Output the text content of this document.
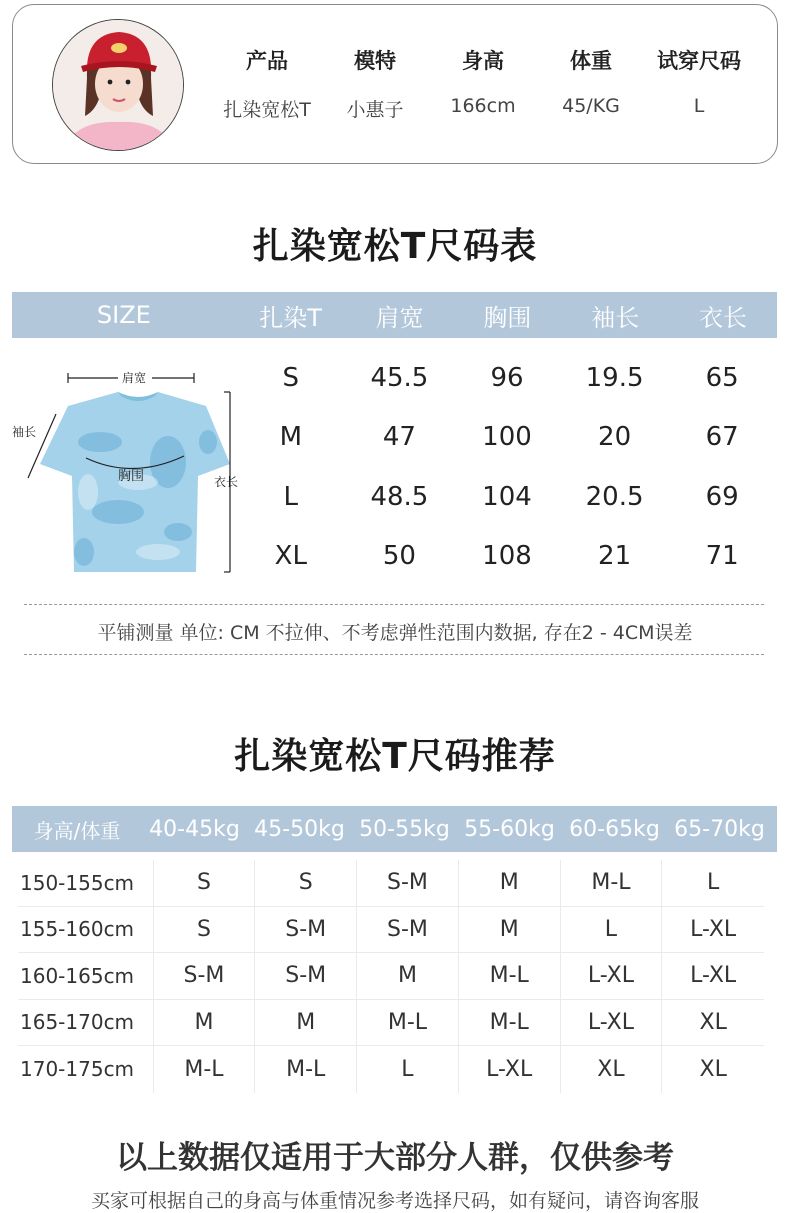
产品	模特	身高	体重	试穿尺码
扎染宽松T	小惠子	166cm	45/KG	L
扎染宽松T尺码表
SIZE	扎染T	肩宽	胸围	袖长	衣长
肩宽
袖长
胸围	衣长
S	45.5	96	19.5	65
M	47	100	20	67
L	48.5	104	20.5	69
XL	50	108	21	71
平铺测量 单位: CM 不拉伸、不考虑弹性范围内数据, 存在2 - 4CM误差
扎染宽松T尺码推荐
身高/体重	40-45kg 45-50kg 50-55kg 55-60kg 60-65kg 65-70kg
150-155cm	S	S	S-M	M	M-L	L
155-160cm	S	S-M	S-M	M	L	L-XL
160-165cm	S-M	S-M	M	M-L	L-XL	L-XL
165-170cm	M	M	M-L	M-L	L-XL	XL
170-175cm	M-L	M-L	L	L-XL	XL	XL
以上数据仅适用于大部分人群，仅供参考
买家可根据自己的身高与体重情况参考选择尺码，如有疑问，请咨询客服
